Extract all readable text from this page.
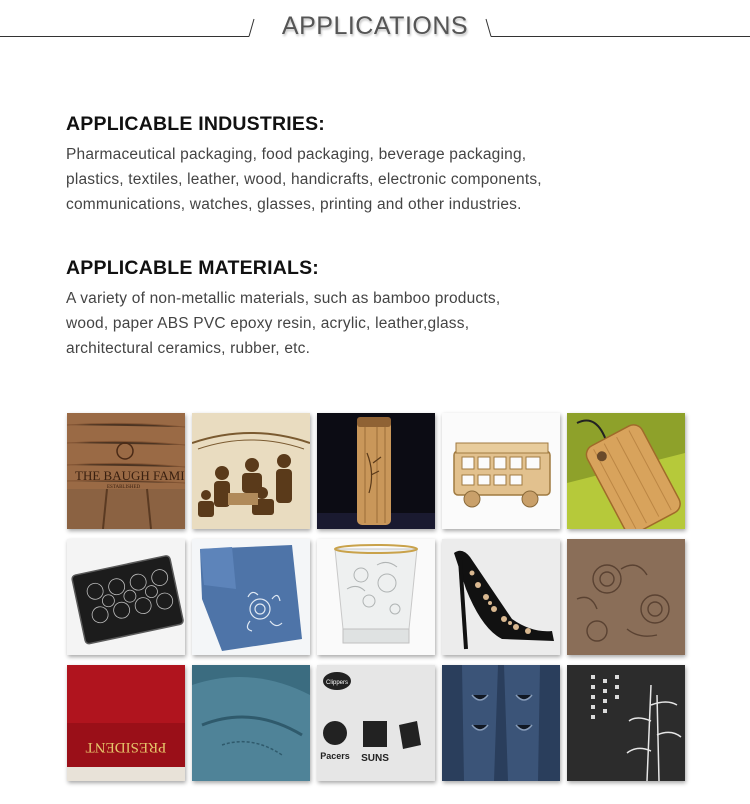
APPLICATIONS
APPLICABLE INDUSTRIES:

Pharmaceutical packaging, food packaging, beverage packaging,
plastics, textiles, leather, wood, handicrafts, electronic components,
communications, watches, glasses, printing and other industries.

APPLICABLE MATERIALS:

A variety of non-metallic materials, such as bamboo products,
wood, paper ABS PVC epoxy resin, acrylic, leather,glass,
architectural ceramics, rubber, etc.

THE BAUGH FAMI
ESTABLISHED
PRESIDENT
Clippers
Pacers SUNS
